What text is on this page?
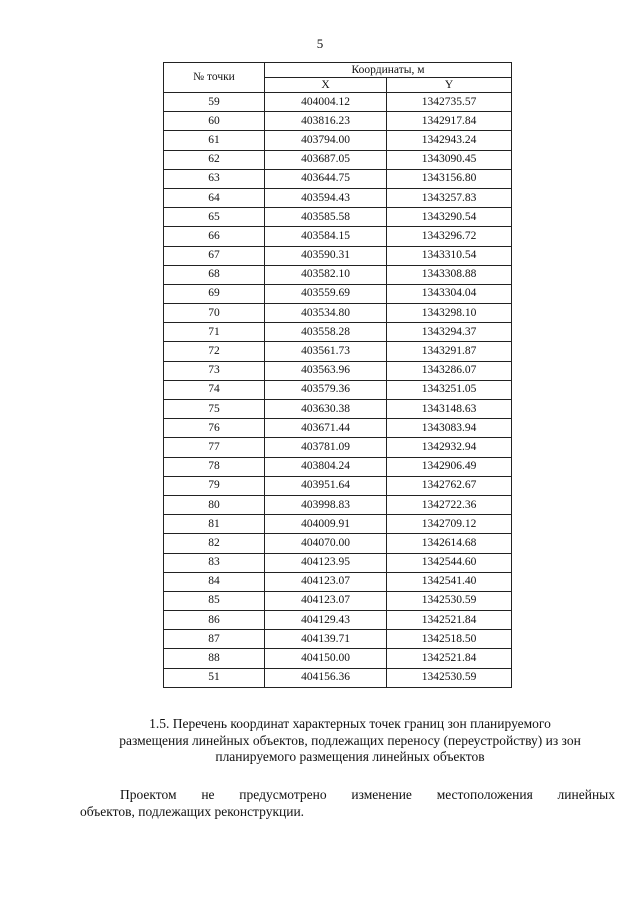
5
№ точки	Координаты, м	
	X	Y
59	404004.12	1342735.57
60	403816.23	1342917.84
61	403794.00	1342943.24
62	403687.05	1343090.45
63	403644.75	1343156.80
64	403594.43	1343257.83
65	403585.58	1343290.54
66	403584.15	1343296.72
67	403590.31	1343310.54
68	403582.10	1343308.88
69	403559.69	1343304.04
70	403534.80	1343298.10
71	403558.28	1343294.37
72	403561.73	1343291.87
73	403563.96	1343286.07
74	403579.36	1343251.05
75	403630.38	1343148.63
76	403671.44	1343083.94
77	403781.09	1342932.94
78	403804.24	1342906.49
79	403951.64	1342762.67
80	403998.83	1342722.36
81	404009.91	1342709.12
82	404070.00	1342614.68
83	404123.95	1342544.60
84	404123.07	1342541.40
85	404123.07	1342530.59
86	404129.43	1342521.84
87	404139.71	1342518.50
88	404150.00	1342521.84
51	404156.36	1342530.59
1.5. Перечень координат характерных точек границ зон планируемого
размещения линейных объектов, подлежащих переносу (переустройству) из зон
планируемого размещения линейных объектов
Проектом не предусмотрено изменение местоположения линейных
объектов, подлежащих реконструкции.
